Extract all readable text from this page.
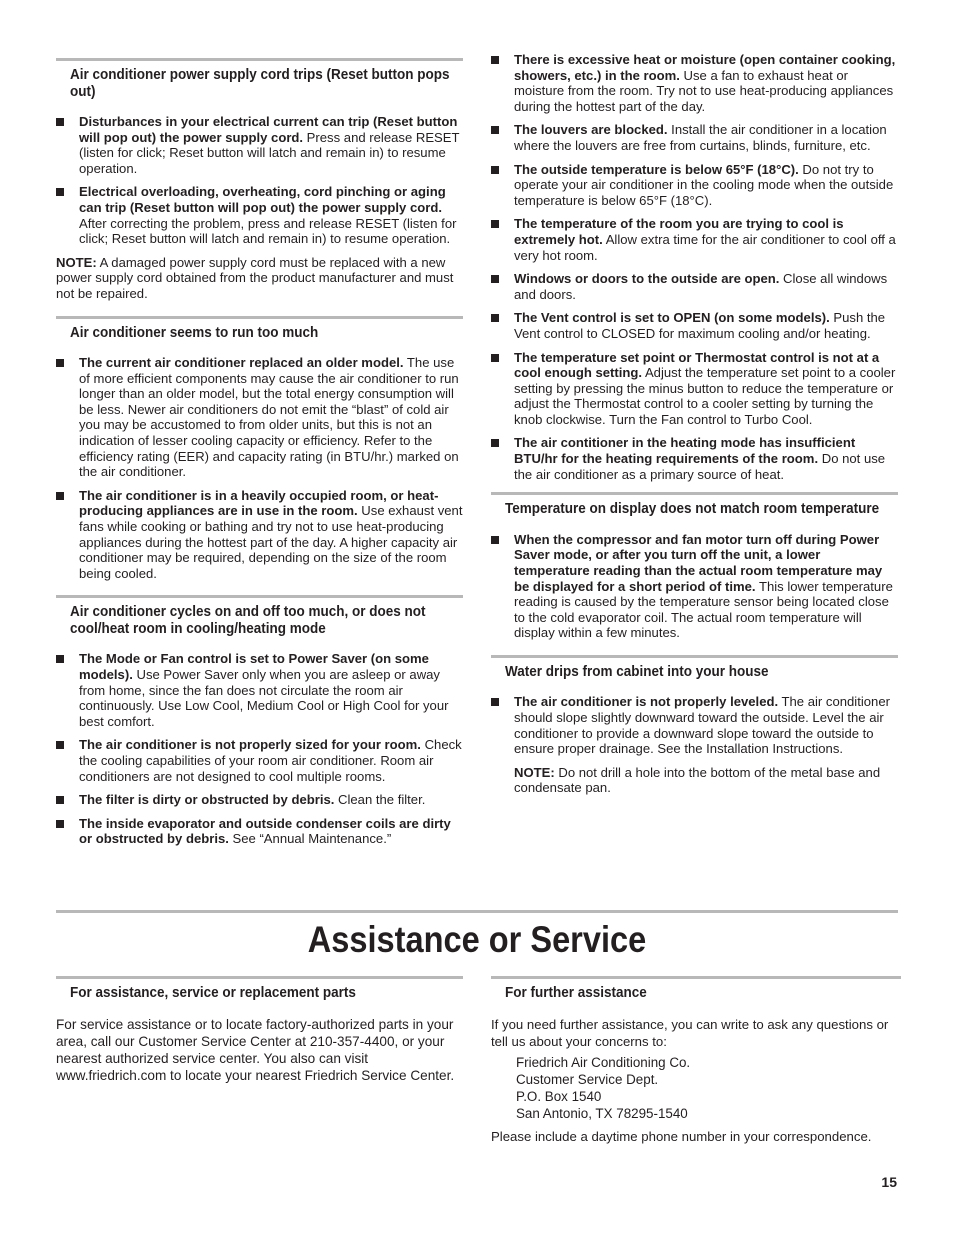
Air conditioner power supply cord trips (Reset button pops out)
Disturbances in your electrical current can trip (Reset button will pop out) the power supply cord. Press and release RESET (listen for click; Reset button will latch and remain in) to resume operation.
Electrical overloading, overheating, cord pinching or aging can trip (Reset button will pop out) the power supply cord. After correcting the problem, press and release RESET (listen for click; Reset button will latch and remain in) to resume operation.

NOTE: A damaged power supply cord must be replaced with a new power supply cord obtained from the product manufacturer and must not be repaired.

Air conditioner seems to run too much
The current air conditioner replaced an older model. The use of more efficient components may cause the air conditioner to run longer than an older model, but the total energy consumption will be less. Newer air conditioners do not emit the “blast” of cold air you may be accustomed to from older units, but this is not an indication of lesser cooling capacity or efficiency. Refer to the efficiency rating (EER) and capacity rating (in BTU/hr.) marked on the air conditioner.
The air conditioner is in a heavily occupied room, or heat-producing appliances are in use in the room. Use exhaust vent fans while cooking or bathing and try not to use heat-producing appliances during the hottest part of the day. A higher capacity air conditioner may be required, depending on the size of the room being cooled.
Air conditioner cycles on and off too much, or does not cool/heat room in cooling/heating mode
The Mode or Fan control is set to Power Saver (on some models). Use Power Saver only when you are asleep or away from home, since the fan does not circulate the room air continuously. Use Low Cool, Medium Cool or High Cool for your best comfort.
The air conditioner is not properly sized for your room. Check the cooling capabilities of your room air conditioner. Room air conditioners are not designed to cool multiple rooms.
The filter is dirty or obstructed by debris. Clean the filter.
The inside evaporator and outside condenser coils are dirty or obstructed by debris. See “Annual Maintenance.”
There is excessive heat or moisture (open container cooking, showers, etc.) in the room. Use a fan to exhaust heat or moisture from the room. Try not to use heat-producing appliances during the hottest part of the day.
The louvers are blocked. Install the air conditioner in a location where the louvers are free from curtains, blinds, furniture, etc.
The outside temperature is below 65°F (18°C). Do not try to operate your air conditioner in the cooling mode when the outside temperature is below 65°F (18°C).
The temperature of the room you are trying to cool is extremely hot. Allow extra time for the air conditioner to cool off a very hot room.
Windows or doors to the outside are open. Close all windows and doors.
The Vent control is set to OPEN (on some models). Push the Vent control to CLOSED for maximum cooling and/or heating.
The temperature set point or Thermostat control is not at a cool enough setting. Adjust the temperature set point to a cooler setting by pressing the minus button to reduce the temperature or adjust the Thermostat control to a cooler setting by turning the knob clockwise. Turn the Fan control to Turbo Cool.
The air contitioner in the heating mode has insufficient BTU/hr for the heating requirements of the room. Do not use the air conditioner as a primary source of heat.
Temperature on display does not match room temperature
When the compressor and fan motor turn off during Power Saver mode, or after you turn off the unit, a lower temperature reading than the actual room temperature may be displayed for a short period of time. This lower temperature reading is caused by the temperature sensor being located close to the cold evaporator coil. The actual room temperature will display within a few minutes.
Water drips from cabinet into your house
The air conditioner is not properly leveled. The air conditioner should slope slightly downward toward the outside. Level the air conditioner to provide a downward slope toward the outside to ensure proper drainage. See the Installation Instructions.

NOTE: Do not drill a hole into the bottom of the metal base and condensate pan.

Assistance or Service
For assistance, service or replacement parts

For service assistance or to locate factory-authorized parts in your area, call our Customer Service Center at 210-357-4400, or your nearest authorized service center. You also can visit www.friedrich.com to locate your nearest Friedrich Service Center.

For further assistance

If you need further assistance, you can write to ask any questions or tell us about your concerns to:

Friedrich Air Conditioning Co.
Customer Service Dept.
P.O. Box 1540
San Antonio, TX 78295-1540

Please include a daytime phone number in your correspondence.

15
